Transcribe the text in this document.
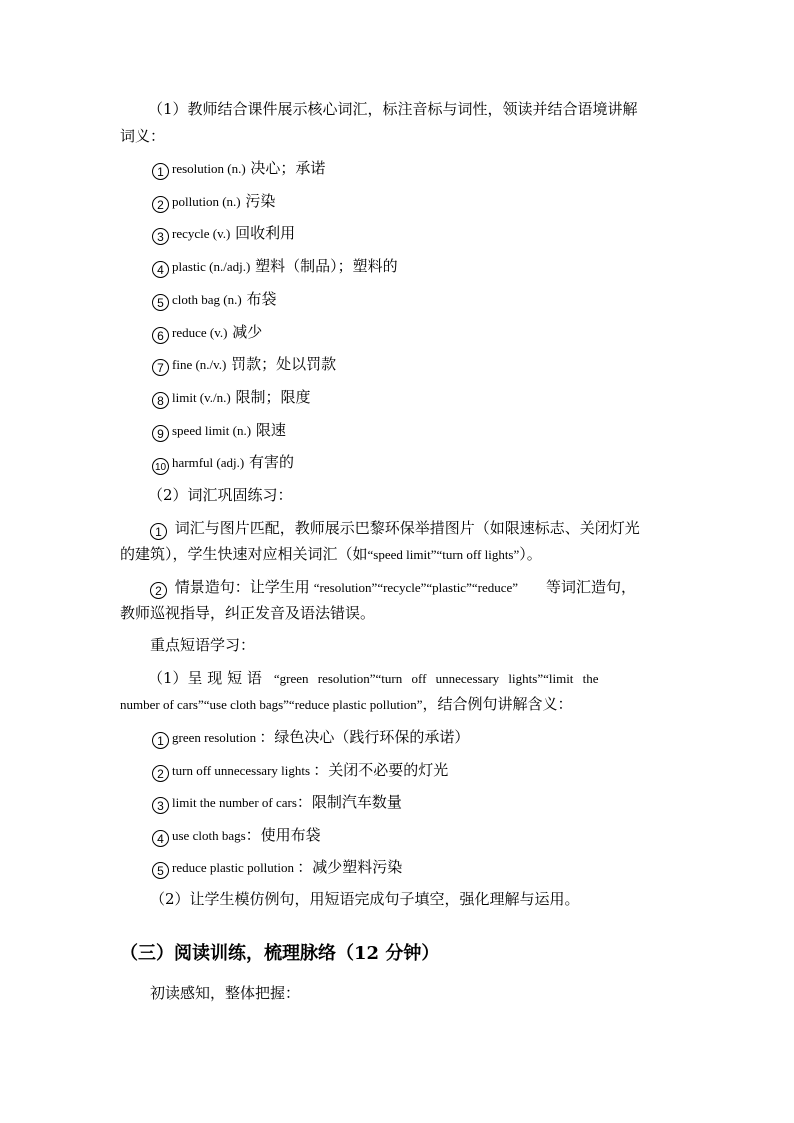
（1）教师结合课件展示核心词汇，标注音标与词性，领读并结合语境讲解
词义：
1 resolution (n.) 决心；承诺
2 pollution (n.) 污染
3 recycle (v.) 回收利用
4 plastic (n./adj.) 塑料（制品）；塑料的
5 cloth bag (n.) 布袋
6 reduce (v.) 减少
7 fine (n./v.) 罚款；处以罚款
8 limit (v./n.) 限制；限度
9 speed limit (n.) 限速
10 harmful (adj.) 有害的
（2）词汇巩固练习：
1 词汇与图片匹配，教师展示巴黎环保举措图片（如限速标志、关闭灯光
的建筑），学生快速对应相关词汇（如“speed limit”“turn off lights”）。
2 情景造句：让学生用 “resolution”“recycle”“plastic”“reduce” 等词汇造句，
教师巡视指导，纠正发音及语法错误。
重点短语学习：
（1）呈 现 短 语 “green resolution”“turn off unnecessary lights”“limit the
number of cars”“use cloth bags”“reduce plastic pollution”，结合例句讲解含义：
1 green resolution ：绿色决心（践行环保的承诺）
2 turn off unnecessary lights ：关闭不必要的灯光
3 limit the number of cars：限制汽车数量
4 use cloth bags：使用布袋
5 reduce plastic pollution ：减少塑料污染
（2）让学生模仿例句，用短语完成句子填空，强化理解与运用。
（三）阅读训练，梳理脉络（12 分钟）
初读感知，整体把握：
